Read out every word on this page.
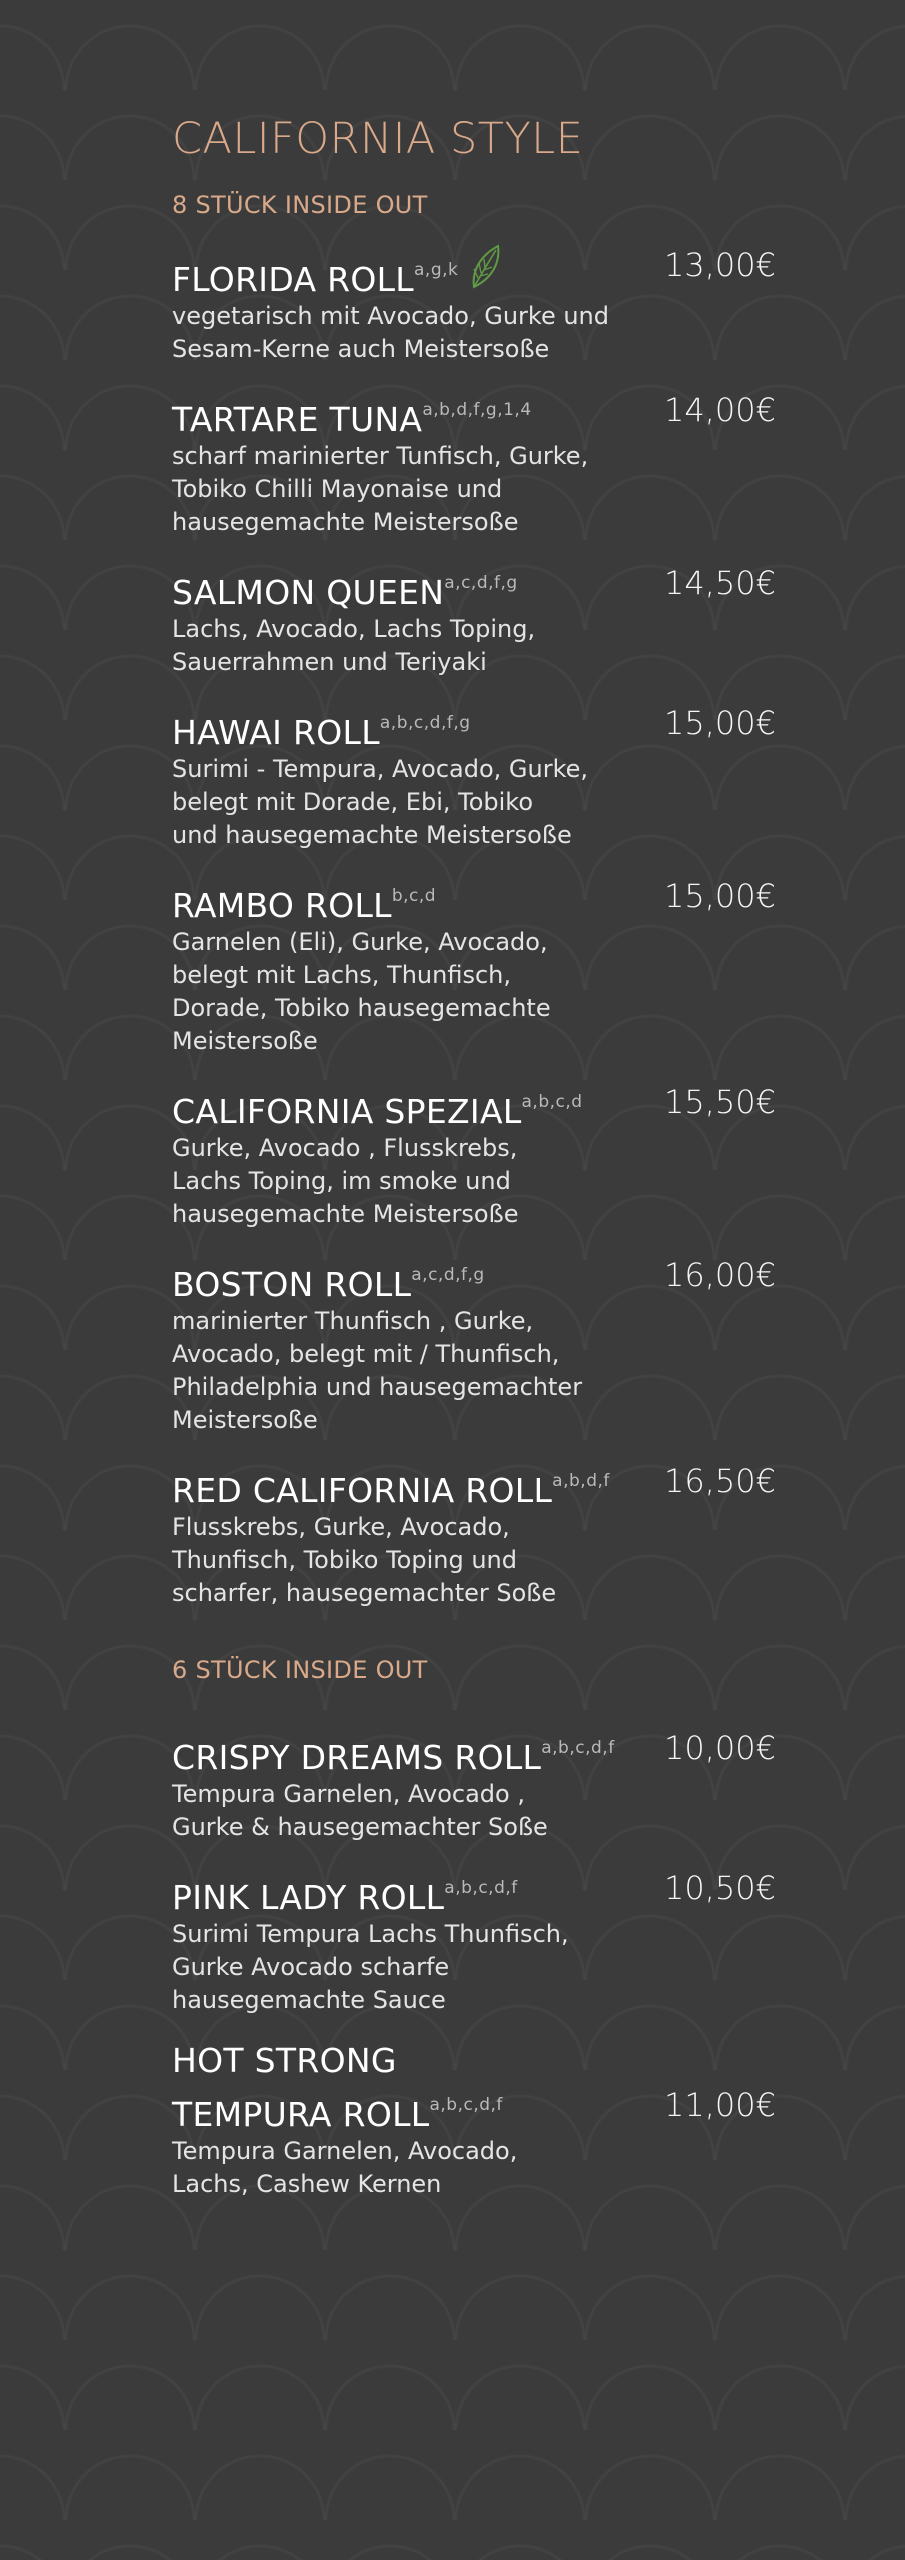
CALIFORNIA STYLE
8 STÜCK INSIDE OUT
FLORIDA ROLL$^{a,g,k}$	13,00€
vegetarisch mit Avocado, Gurke und
Sesam-Kerne auch Meistersoße
TARTARE TUNA$^{a,b,d,f,g,1,4}$	14,00€
scharf marinierter Tunfisch, Gurke,
Tobiko Chilli Mayonaise und
hausegemachte Meistersoße
SALMON QUEEN$^{a,c,d,f,g}$	14,50€
Lachs, Avocado, Lachs Toping,
Sauerrahmen und Teriyaki
HAWAI ROLL$^{a,b,c,d,f,g}$	15,00€
Surimi - Tempura, Avocado, Gurke,
belegt mit Dorade, Ebi, Tobiko
und hausegemachte Meistersoße
RAMBO ROLL$^{b,c,d}$	15,00€
Garnelen (Eli), Gurke, Avocado,
belegt mit Lachs, Thunfisch,
Dorade, Tobiko hausegemachte
Meistersoße
CALIFORNIA SPEZIAL$^{a,b,c,d}$	15,50€
Gurke, Avocado , Flusskrebs,
Lachs Toping, im smoke und
hausegemachte Meistersoße
BOSTON ROLL$^{a,c,d,f,g}$	16,00€
marinierter Thunfisch , Gurke,
Avocado, belegt mit / Thunfisch,
Philadelphia und hausegemachter
Meistersoße
RED CALIFORNIA ROLL$^{a,b,d,f}$ 16,50€
Flusskrebs, Gurke, Avocado,
Thunfisch, Tobiko Toping und
scharfer, hausegemachter Soße
6 STÜCK INSIDE OUT
CRISPY DREAMS ROLL$^{a,b,c,d,f}$ 10,00€
Tempura Garnelen, Avocado ,
Gurke & hausegemachter Soße
PINK LADY ROLL$^{a,b,c,d,f}$	10,50€
Surimi Tempura Lachs Thunfisch,
Gurke Avocado scharfe
hausegemachte Sauce
HOT STRONG
TEMPURA ROLL$^{a,b,c,d,f}$	11,00€
Tempura Garnelen, Avocado,
Lachs, Cashew Kernen
